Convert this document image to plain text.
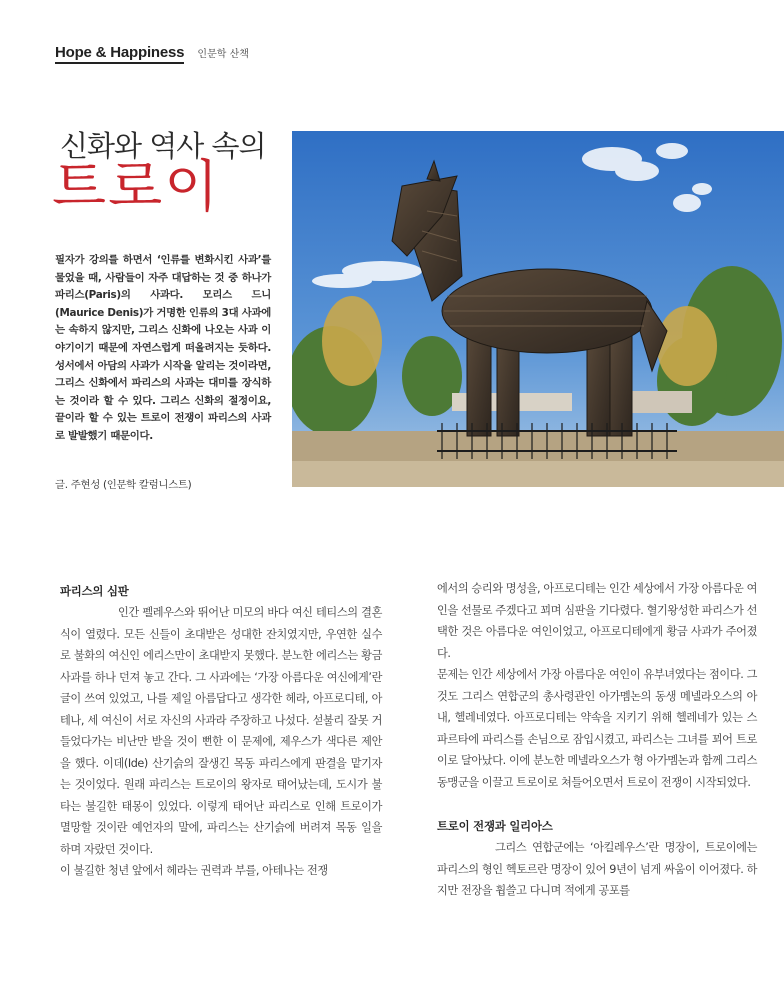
Hope & Happiness 인문학 산책
신화와 역사 속의
트로이
필자가 강의를 하면서 ‘인류를 변화시킨 사과’를 물었을 때, 사람들이 자주 대답하는 것 중 하나가 파리스(Paris)의 사과다. 모리스 드니(Maurice Denis)가 거명한 인류의 3대 사과에는 속하지 않지만, 그리스 신화에 나오는 사과 이야기이기 때문에 자연스럽게 떠올려지는 듯하다. 성서에서 아담의 사과가 시작을 알리는 것이라면, 그리스 신화에서 파리스의 사과는 대미를 장식하는 것이라 할 수 있다. 그리스 신화의 절정이요, 끝이라 할 수 있는 트로이 전쟁이 파리스의 사과로 발발했기 때문이다.
글. 주현성 (인문학 칼럼니스트)
파리스의 심판

인간 펠레우스와 뛰어난 미모의 바다 여신 테티스의 결혼식이 열렸다. 모든 신들이 초대받은 성대한 잔치였지만, 우연한 실수로 불화의 여신인 에리스만이 초대받지 못했다. 분노한 에리스는 황금사과를 하나 던져 놓고 간다. 그 사과에는 ‘가장 아름다운 여신에게’란 글이 쓰여 있었고, 나를 제일 아름답다고 생각한 헤라, 아프로디테, 아테나, 세 여신이 서로 자신의 사과라 주장하고 나섰다. 섣불리 잘못 거들었다가는 비난만 받을 것이 뻔한 이 문제에, 제우스가 색다른 제안을 했다. 이데(Ide) 산기슭의 잘생긴 목동 파리스에게 판결을 맡기자는 것이었다. 원래 파리스는 트로이의 왕자로 태어났는데, 도시가 불타는 불길한 태몽이 있었다. 이렇게 태어난 파리스로 인해 트로이가 멸망할 것이란 예언자의 말에, 파리스는 산기슭에 버려져 목동 일을 하며 자랐던 것이다.

이 불길한 청년 앞에서 헤라는 권력과 부를, 아테나는 전쟁

에서의 승리와 명성을, 아프로디테는 인간 세상에서 가장 아름다운 여인을 선물로 주겠다고 꾀며 심판을 기다렸다. 혈기왕성한 파리스가 선택한 것은 아름다운 여인이었고, 아프로디테에게 황금 사과가 주어졌다.

문제는 인간 세상에서 가장 아름다운 여인이 유부녀였다는 점이다. 그것도 그리스 연합군의 총사령관인 아가멤논의 동생 메넬라오스의 아내, 헬레네였다. 아프로디테는 약속을 지키기 위해 헬레네가 있는 스파르타에 파리스를 손님으로 잠입시켰고, 파리스는 그녀를 꾀어 트로이로 달아났다. 이에 분노한 메넬라오스가 형 아가멤논과 함께 그리스 동맹군을 이끌고 트로이로 쳐들어오면서 트로이 전쟁이 시작되었다.

트로이 전쟁과 일리아스

그리스 연합군에는 ‘아킬레우스’란 명장이, 트로이에는 파리스의 형인 헥토르란 명장이 있어 9년이 넘게 싸움이 이어졌다. 하지만 전장을 휩쓸고 다니며 적에게 공포를
